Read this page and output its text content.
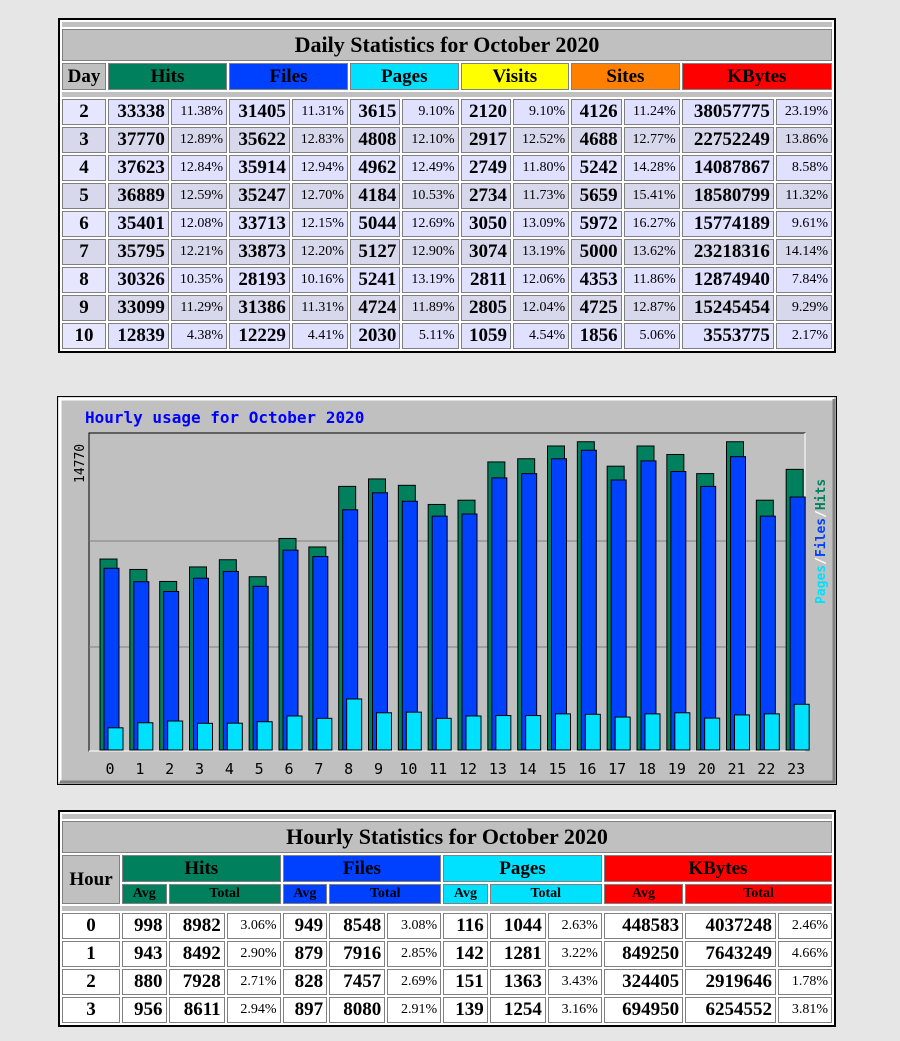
Daily Statistics for October 2020												
Day	Hits		Files		Pages		Visits		Sites		KBytes	

2	33338	11.38%	31405	11.31%	3615	9.10%	2120	9.10%	4126	11.24%	38057775	23.19%
3	37770	12.89%	35622	12.83%	4808	12.10%	2917	12.52%	4688	12.77%	22752249	13.86%
4	37623	12.84%	35914	12.94%	4962	12.49%	2749	11.80%	5242	14.28%	14087867	8.58%
5	36889	12.59%	35247	12.70%	4184	10.53%	2734	11.73%	5659	15.41%	18580799	11.32%
6	35401	12.08%	33713	12.15%	5044	12.69%	3050	13.09%	5972	16.27%	15774189	9.61%
7	35795	12.21%	33873	12.20%	5127	12.90%	3074	13.19%	5000	13.62%	23218316	14.14%
8	30326	10.35%	28193	10.16%	5241	13.19%	2811	12.06%	4353	11.86%	12874940	7.84%
9	33099	11.29%	31386	11.31%	4724	11.89%	2805	12.04%	4725	12.87%	15245454	9.29%
10	12839	4.38%	12229	4.41%	2030	5.11%	1059	4.54%	1856	5.06%	3553775	2.17%
Hourly usage for October 2020
14770
Pages/Files/Hits
0 1 2 3 4 5 6 7 8 9 10 11 12 13 14 15 16 17 18 19 20 21 22 23

Hourly Statistics for October 2020												
Hour	Hits			Files			Pages			KBytes		
	Avg	Total		Avg	Total		Avg	Total		Avg	Total	

0	998	8982	3.06%	949	8548	3.08%	116	1044	2.63%	448583	4037248	2.46%
1	943	8492	2.90%	879	7916	2.85%	142	1281	3.22%	849250	7643249	4.66%
2	880	7928	2.71%	828	7457	2.69%	151	1363	3.43%	324405	2919646	1.78%
3	956	8611	2.94%	897	8080	2.91%	139	1254	3.16%	694950	6254552	3.81%
